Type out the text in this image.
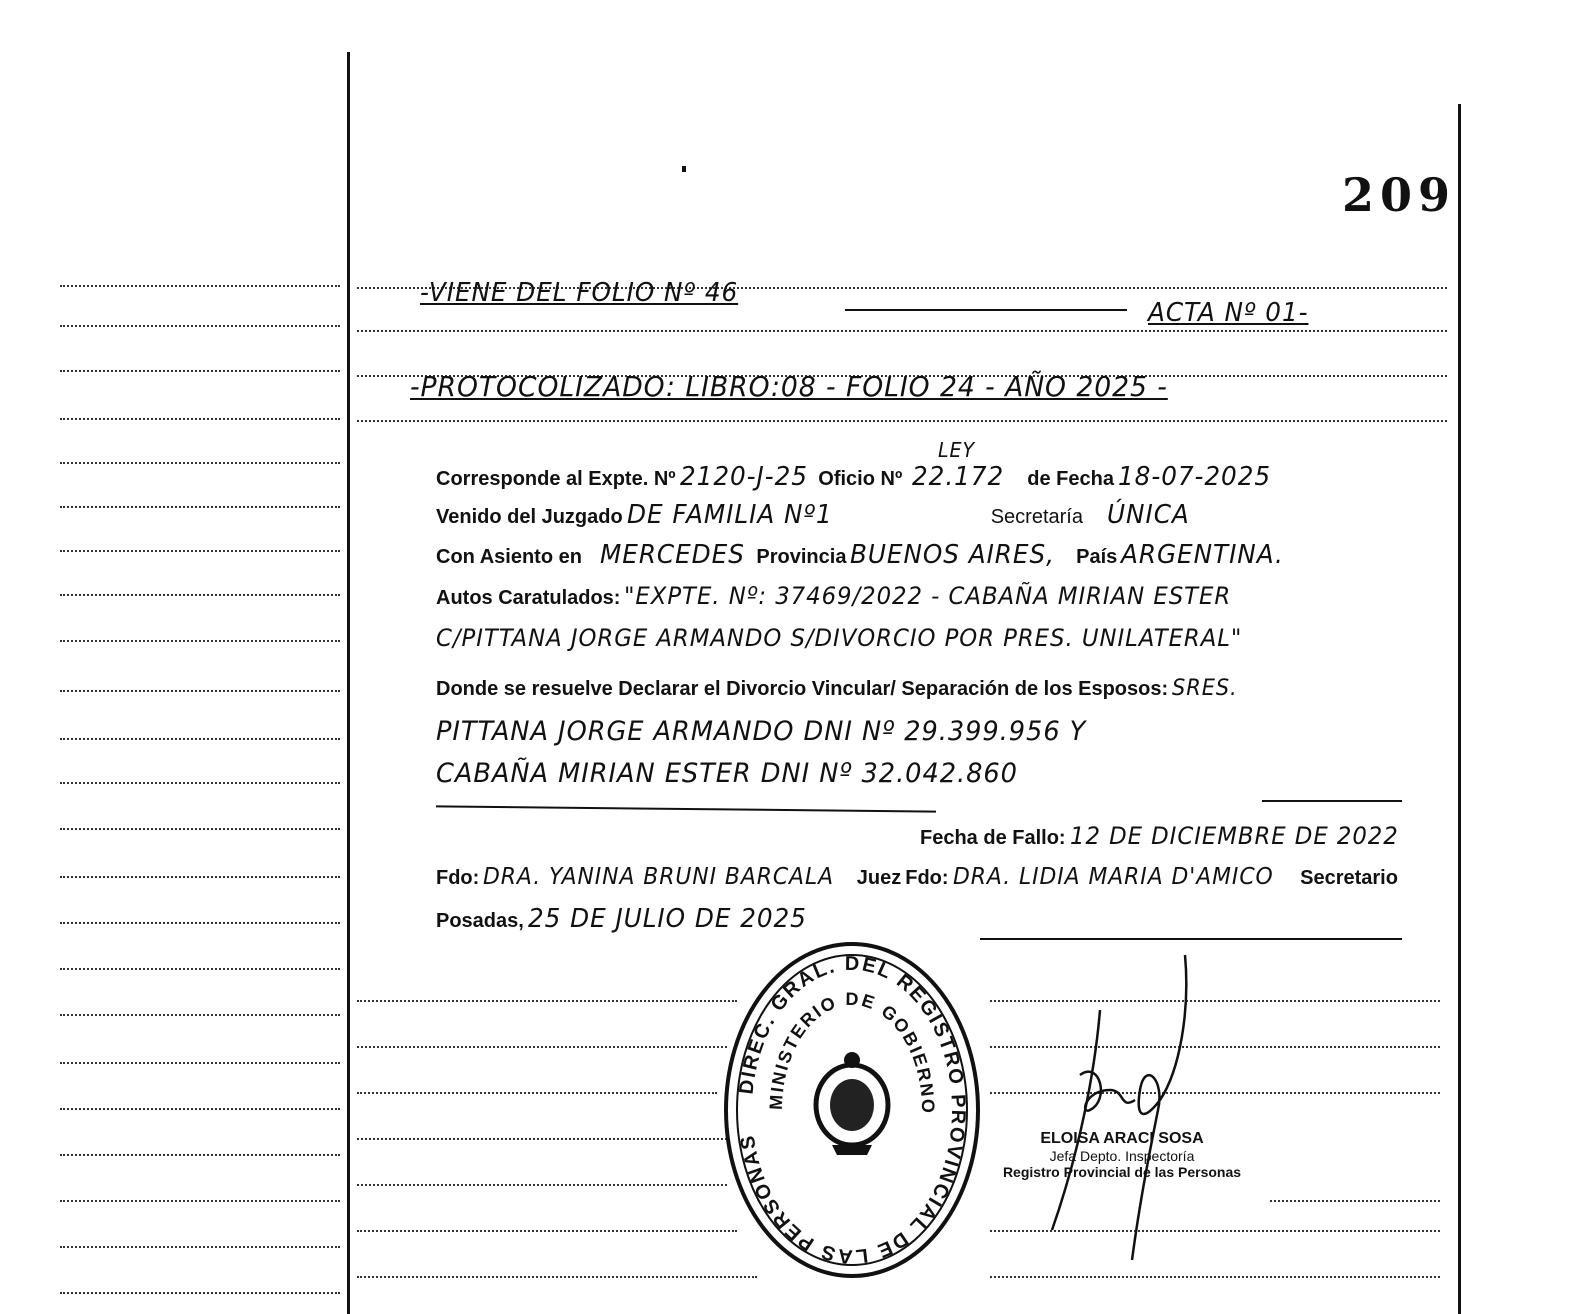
209
-VIENE DEL FOLIO Nº 46
ACTA Nº 01-
-PROTOCOLIZADO: LIBRO:08 - FOLIO 24 - AÑO 2025 -
LEY
Corresponde al Expte. Nº 2120-J-25 Oficio Nº 22.172 de Fecha 18-07-2025
Venido del Juzgado DE FAMILIA Nº1	Secretaría ÚNICA
Con Asiento en MERCEDES Provincia BUENOS AIRES, País ARGENTINA.
Autos Caratulados: "EXPTE. Nº: 37469/2022 - CABAÑA MIRIAN ESTER
C/PITTANA JORGE ARMANDO S/DIVORCIO POR PRES. UNILATERAL"
Donde se resuelve Declarar el Divorcio Vincular/ Separación de los Esposos: SRES.
PITTANA JORGE ARMANDO DNI Nº 29.399.956 Y
CABAÑA MIRIAN ESTER DNI Nº 32.042.860
Fecha de Fallo: 12 DE DICIEMBRE DE 2022
Fdo: DRA. YANINA BRUNI BARCALA Juez Fdo: DRA. LIDIA MARIA D'AMICO Secretario
Posadas, 25 DE JULIO DE 2025
DIREC. GRAL. DEL REGISTRO PROVINCIAL DE LAS PERSONAS
MINISTERIO DE GOBIERNO
ELOISA ARACI SOSA
Jefa Depto. Inspectoría
Registro Provincial de las Personas
